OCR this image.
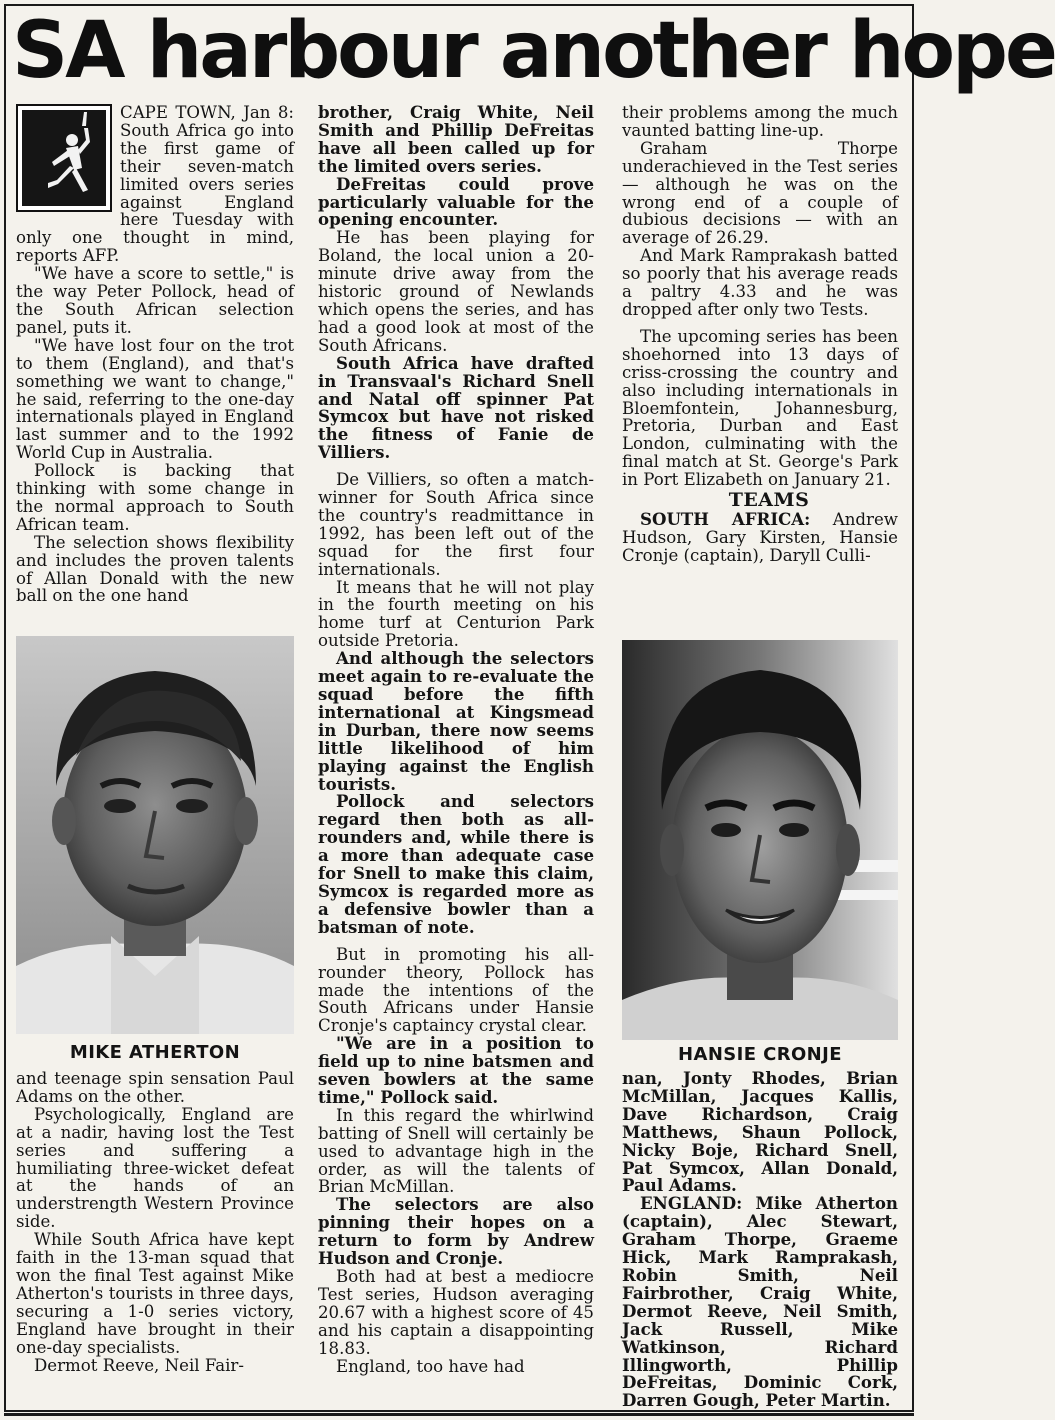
SA harbour another hope

CAPE TOWN, Jan 8: South Africa go into the first game of their seven-match limited overs series against England here Tuesday with only one thought in mind, reports AFP.

"We have a score to settle," is the way Peter Pollock, head of the South African selection panel, puts it.

"We have lost four on the trot to them (England), and that's something we want to change," he said, referring to the one-day internationals played in England last summer and to the 1992 World Cup in Australia.

Pollock is backing that thinking with some change in the normal approach to South African team.

The selection shows flexibility and includes the proven talents of Allan Donald with the new ball on the one hand

MIKE ATHERTON

and teenage spin sensation Paul Adams on the other.

Psychologically, England are at a nadir, having lost the Test series and suffering a humiliating three-wicket defeat at the hands of an understrength Western Province side.

While South Africa have kept faith in the 13-man squad that won the final Test against Mike Atherton's tourists in three days, securing a 1-0 series victory, England have brought in their one-day specialists.

Dermot Reeve, Neil Fair-

brother, Craig White, Neil Smith and Phillip DeFreitas have all been called up for the limited overs series.

DeFreitas could prove particularly valuable for the opening encounter.

He has been playing for Boland, the local union a 20-minute drive away from the historic ground of Newlands which opens the series, and has had a good look at most of the South Africans.

South Africa have drafted in Transvaal's Richard Snell and Natal off spinner Pat Symcox but have not risked the fitness of Fanie de Villiers.

De Villiers, so often a match-winner for South Africa since the country's readmittance in 1992, has been left out of the squad for the first four internationals.

It means that he will not play in the fourth meeting on his home turf at Centurion Park outside Pretoria.

And although the selectors meet again to re-evaluate the squad before the fifth international at Kingsmead in Durban, there now seems little likelihood of him playing against the English tourists.

Pollock and selectors regard then both as all-rounders and, while there is a more than adequate case for Snell to make this claim, Symcox is regarded more as a defensive bowler than a batsman of note.

But in promoting his all-rounder theory, Pollock has made the intentions of the South Africans under Hansie Cronje's captaincy crystal clear.

"We are in a position to field up to nine batsmen and seven bowlers at the same time," Pollock said.

In this regard the whirlwind batting of Snell will certainly be used to advantage high in the order, as will the talents of Brian McMillan.

The selectors are also pinning their hopes on a return to form by Andrew Hudson and Cronje.

Both had at best a mediocre Test series, Hudson averaging 20.67 with a highest score of 45 and his captain a disappointing 18.83.

England, too have had

their problems among the much vaunted batting line-up.

Graham Thorpe underachieved in the Test series — although he was on the wrong end of a couple of dubious decisions — with an average of 26.29.

And Mark Ramprakash batted so poorly that his average reads a paltry 4.33 and he was dropped after only two Tests.

The upcoming series has been shoehorned into 13 days of criss-crossing the country and also including internationals in Bloemfontein, Johannesburg, Pretoria, Durban and East London, culminating with the final match at St. George's Park in Port Elizabeth on January 21.

TEAMS

SOUTH AFRICA: Andrew Hudson, Gary Kirsten, Hansie Cronje (captain), Daryll Culli-

HANSIE CRONJE

nan, Jonty Rhodes, Brian McMillan, Jacques Kallis, Dave Richardson, Craig Matthews, Shaun Pollock, Nicky Boje, Richard Snell, Pat Symcox, Allan Donald, Paul Adams.

ENGLAND: Mike Atherton (captain), Alec Stewart, Graham Thorpe, Graeme Hick, Mark Ramprakash, Robin Smith, Neil Fairbrother, Craig White, Dermot Reeve, Neil Smith, Jack Russell, Mike Watkinson, Richard Illingworth, Phillip DeFreitas, Dominic Cork, Darren Gough, Peter Martin.
